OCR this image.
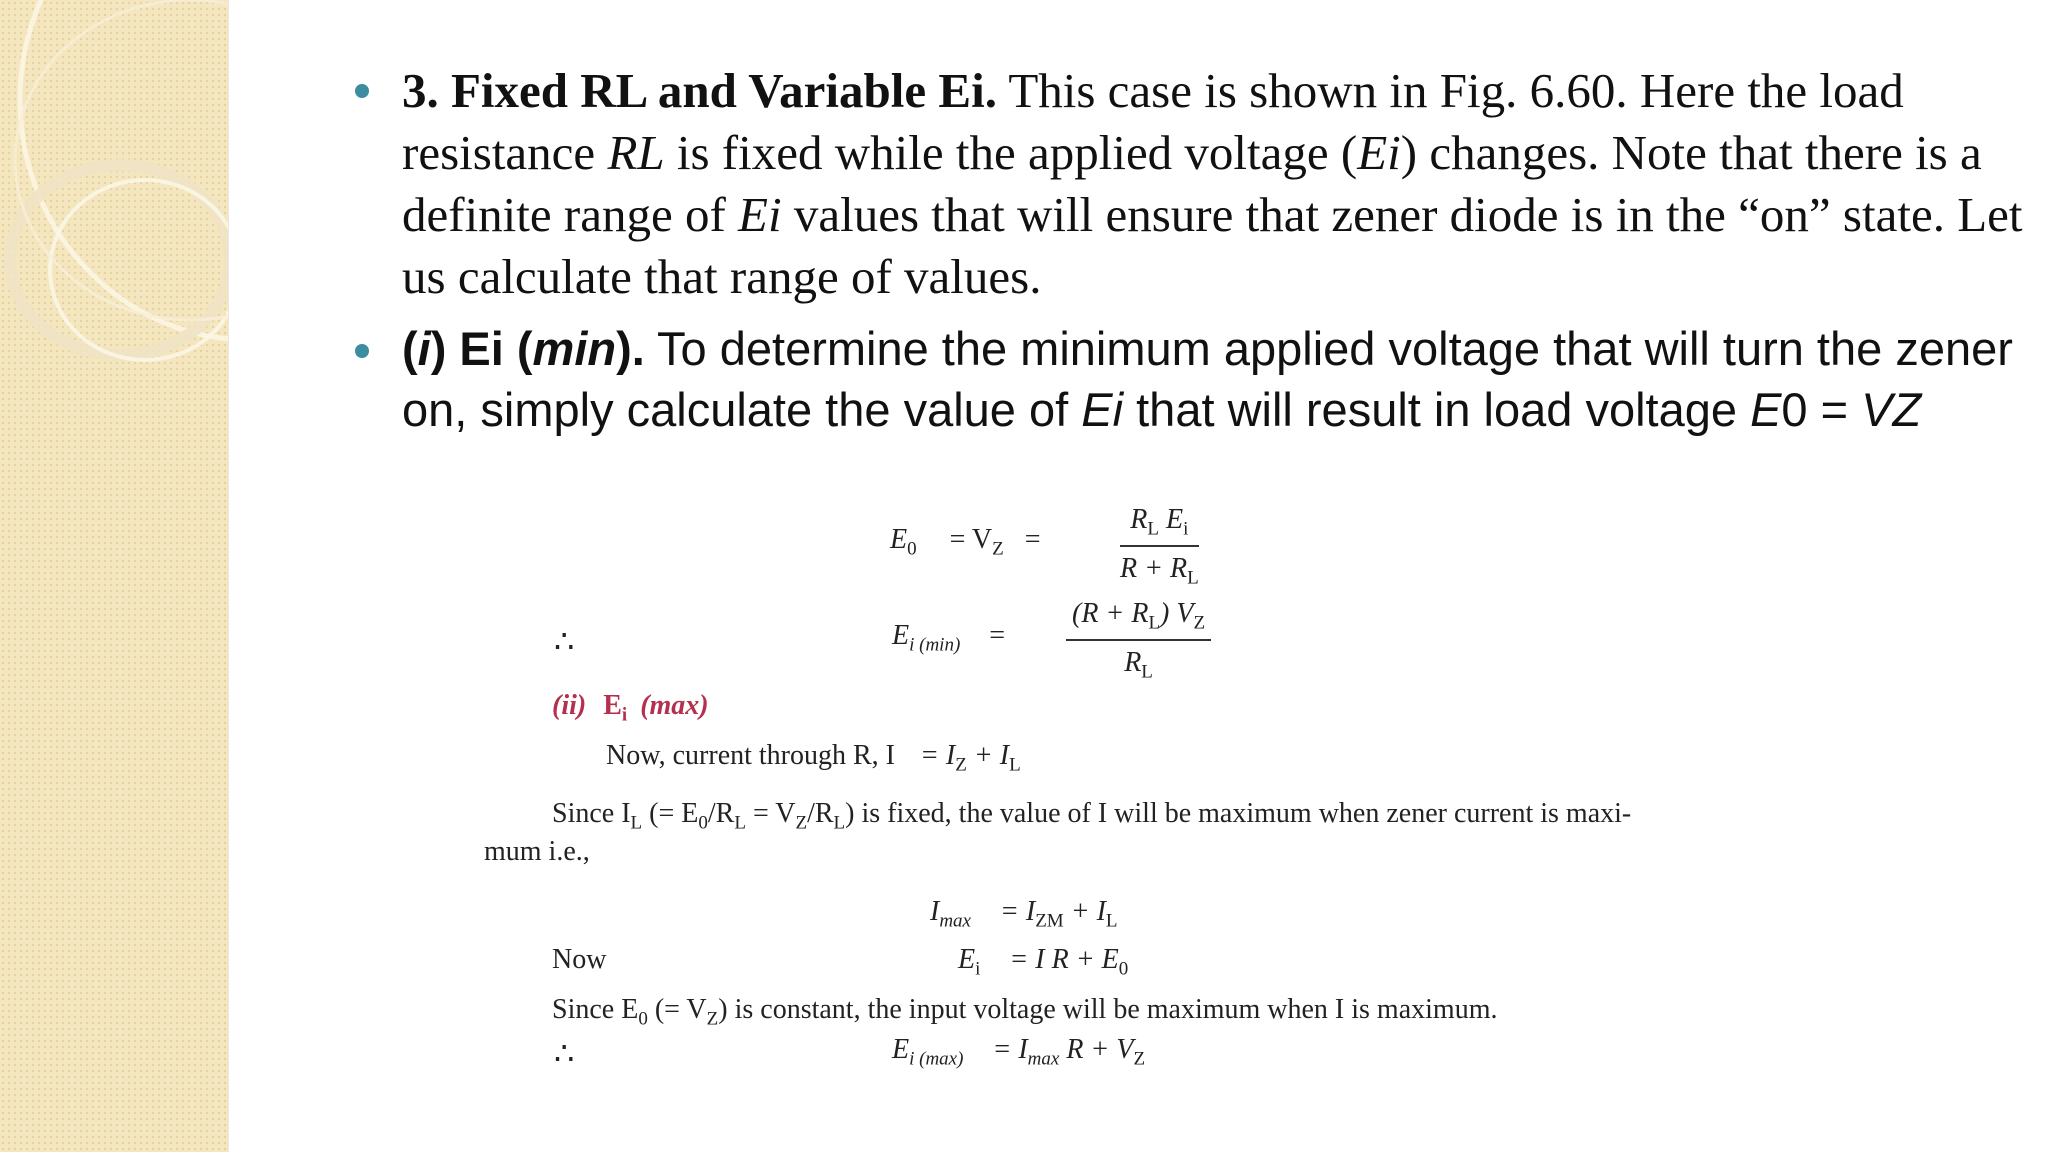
3. Fixed RL and Variable Ei. This case is shown in Fig. 6.60. Here the load resistance RL is fixed while the applied voltage (Ei) changes. Note that there is a definite range of Ei values that will ensure that zener diode is in the “on” state. Let us calculate that range of values.
(i) Ei (min). To determine the minimum applied voltage that will turn the zener on, simply calculate the value of Ei that will result in load voltage E0 = VZ
$E_0 = V_Z$ =	$\frac{R_L E_i}{R + R_L}$
∴	$E_{i (min)} = \frac{(R + R_L) V_Z}{R_L}$
(ii) $E_i$ (max)
Now, current through R, $I = I_Z + I_L$
Since $I_L$ (= $E_0/R_L = V_Z/R_L$) is fixed, the value of I will be maximum when zener current is maxi-
mum i.e.,
$I_{max} = I_{ZM} + I_L$
Now	$E_i = I$ $R + E_0$
Since $E_0$ (= $V_Z$) is constant, the input voltage will be maximum when I is maximum.
∴	$E_{i (max)} = I_{max}$ $R + V_Z$
